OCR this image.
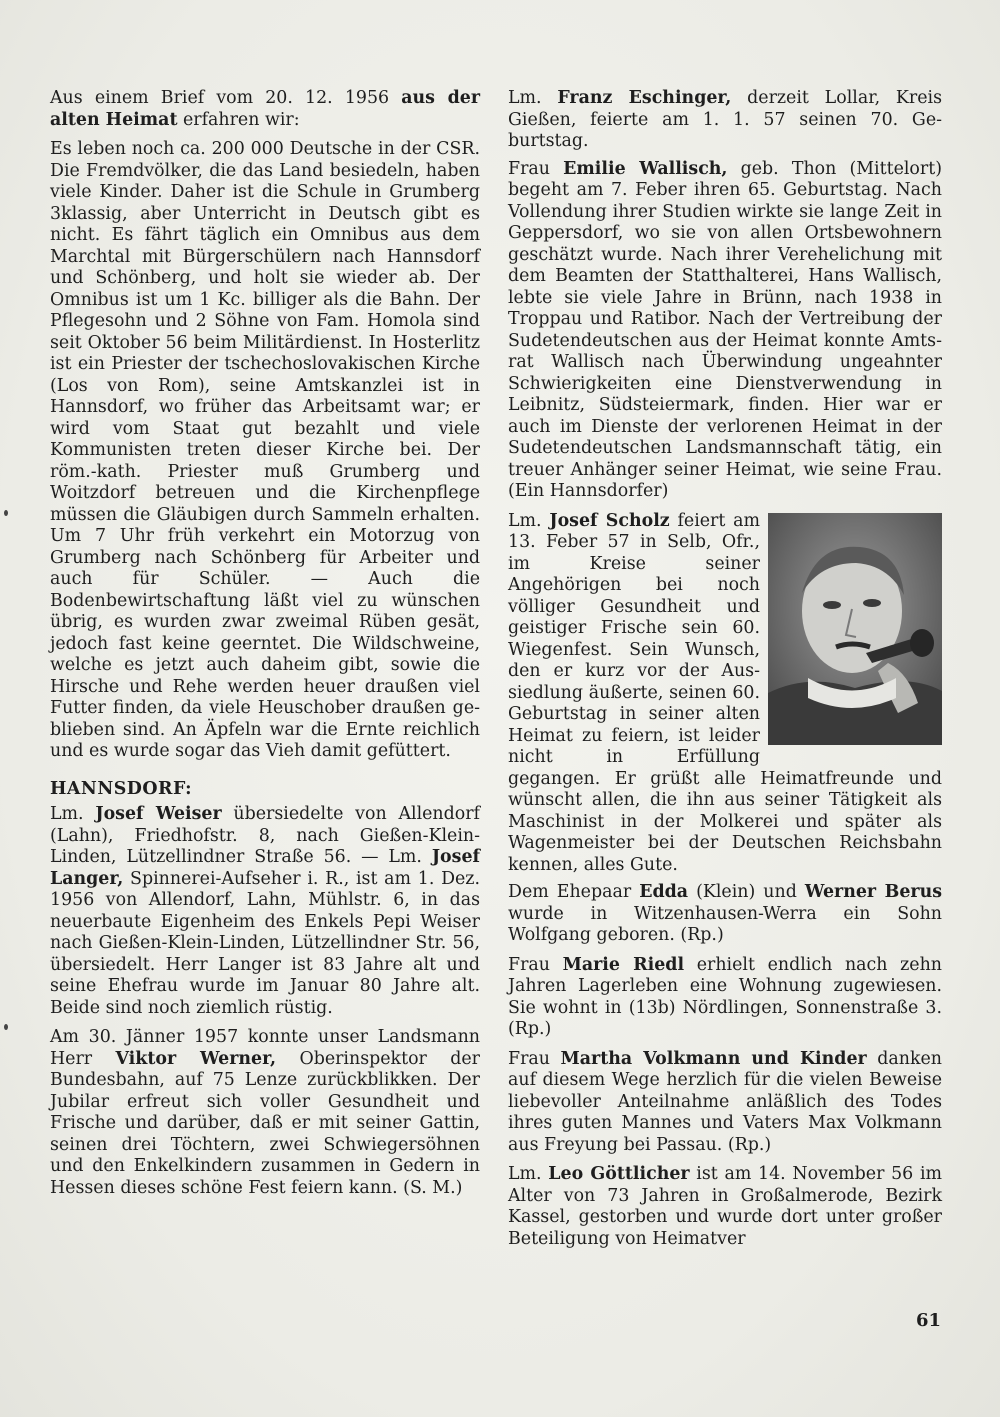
Aus einem Brief vom 20. 12. 1956 aus der alten Heimat erfahren wir:

Es leben noch ca. 200 000 Deutsche in der CSR. Die Fremdvölker, die das Land besiedeln, haben viele Kinder. Daher ist die Schule in Grumberg 3klassig, aber Unterricht in Deutsch gibt es nicht. Es fährt täglich ein Omnibus aus dem Marchtal mit Bürgerschülern nach Hannsdorf und Schönberg, und holt sie wieder ab. Der Omnibus ist um 1 Kc. billiger als die Bahn. Der Pflegesohn und 2 Söhne von Fam. Homola sind seit Oktober 56 beim Militärdienst. In Hosterlitz ist ein Priester der tschechoslovakischen Kirche (Los von Rom), seine Amtskanzlei ist in Hannsdorf, wo früher das Arbeitsamt war; er wird vom Staat gut bezahlt und viele Kommunisten treten dieser Kirche bei. Der röm.-kath. Priester muß Grumberg und Woitzdorf betreuen und die Kirchenpflege müssen die Gläubigen durch Sammeln erhalten. Um 7 Uhr früh verkehrt ein Motorzug von Grumberg nach Schönberg für Arbeiter und auch für Schüler. — Auch die Bodenbewirtschaftung läßt viel zu wünschen übrig, es wurden zwar zweimal Rüben gesät, jedoch fast keine geerntet. Die Wildschweine, welche es jetzt auch daheim gibt, sowie die Hirsche und Rehe werden heuer draußen viel Futter finden, da viele Heuschober draußen geblieben sind. An Äpfeln war die Ernte reichlich und es wurde sogar das Vieh damit gefüttert.

HANNSDORF:

Lm. Josef Weiser übersiedelte von Allendorf (Lahn), Friedhofstr. 8, nach Gießen-Klein-Linden, Lützellindner Straße 56. — Lm. Josef Langer, Spinnerei-Aufseher i. R., ist am 1. Dez. 1956 von Allendorf, Lahn, Mühlstr. 6, in das neuerbaute Eigenheim des Enkels Pepi Weiser nach Gießen-Klein-Linden, Lützellindner Str. 56, übersiedelt. Herr Langer ist 83 Jahre alt und seine Ehefrau wurde im Januar 80 Jahre alt. Beide sind noch ziemlich rüstig.

Am 30. Jänner 1957 konnte unser Landsmann Herr Viktor Werner, Oberinspektor der Bundesbahn, auf 75 Lenze zurückblikken. Der Jubilar erfreut sich voller Gesundheit und Frische und darüber, daß er mit seiner Gattin, seinen drei Töchtern, zwei Schwiegersöhnen und den Enkelkindern zusammen in Gedern in Hessen dieses schöne Fest feiern kann. (S. M.)

Lm. Franz Eschinger, derzeit Lollar, Kreis Gießen, feierte am 1. 1. 57 seinen 70. Geburtstag.

Frau Emilie Wallisch, geb. Thon (Mittelort) begeht am 7. Feber ihren 65. Geburtstag. Nach Vollendung ihrer Studien wirkte sie lange Zeit in Geppersdorf, wo sie von allen Ortsbewohnern geschätzt wurde. Nach ihrer Verehelichung mit dem Beamten der Statthalterei, Hans Wallisch, lebte sie viele Jahre in Brünn, nach 1938 in Troppau und Ratibor. Nach der Vertreibung der Sudetendeutschen aus der Heimat konnte Amtsrat Wallisch nach Überwindung ungeahnter Schwierigkeiten eine Dienstverwendung in Leibnitz, Südsteiermark, finden. Hier war er auch im Dienste der verlorenen Heimat in der Sudetendeutschen Landsmannschaft tätig, ein treuer Anhänger seiner Heimat, wie seine Frau. (Ein Hannsdorfer)

Lm. Josef Scholz feiert am 13. Feber 57 in Selb, Ofr., im Kreise seiner Angehörigen bei noch völliger Gesundheit und geistiger Frische sein 60. Wiegenfest. Sein Wunsch, den er kurz vor der Aussiedlung äußerte, seinen 60. Geburtstag in seiner alten Heimat zu feiern, ist leider nicht in Erfüllung gegangen. Er grüßt alle Heimatfreunde und wünscht allen, die ihn aus seiner Tätigkeit als Maschinist in der Molkerei und später als Wagenmeister bei der Deutschen Reichsbahn kennen, alles Gute.

Dem Ehepaar Edda (Klein) und Werner Berus wurde in Witzenhausen-Werra ein Sohn Wolfgang geboren. (Rp.)

Frau Marie Riedl erhielt endlich nach zehn Jahren Lagerleben eine Wohnung zugewiesen. Sie wohnt in (13b) Nördlingen, Sonnenstraße 3. (Rp.)

Frau Martha Volkmann und Kinder danken auf diesem Wege herzlich für die vielen Beweise liebevoller Anteilnahme anläßlich des Todes ihres guten Mannes und Vaters Max Volkmann aus Freyung bei Passau. (Rp.)

Lm. Leo Göttlicher ist am 14. November 56 im Alter von 73 Jahren in Großalmerode, Bezirk Kassel, gestorben und wurde dort unter großer Beteiligung von Heimatver

61
